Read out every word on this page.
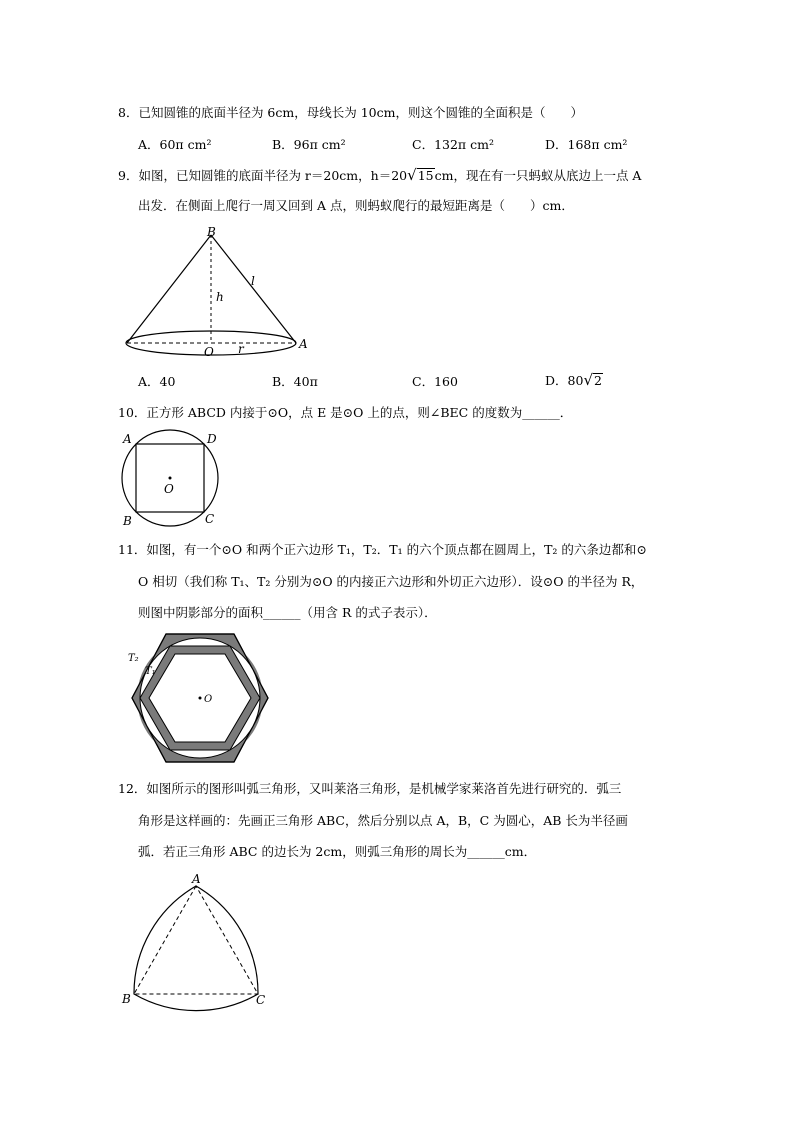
8．已知圆锥的底面半径为 6cm，母线长为 10cm，则这个圆锥的全面积是（　　）
A．60π cm²	B．96π cm²	C．132π cm²	D．168π cm²
9．如图，已知圆锥的底面半径为 r＝20cm，h＝20√15cm，现在有一只蚂蚁从底边上一点 A
出发．在侧面上爬行一周又回到 A 点，则蚂蚁爬行的最短距离是（　　）cm．
B
A
O
h
l
r
A．40	B．40π	C．160	D．80√2
10．正方形 ABCD 内接于⊙O，点 E 是⊙O 上的点，则∠BEC 的度数为______．
A	D
B	C
O
11．如图，有一个⊙O 和两个正六边形 T₁，T₂．T₁ 的六个顶点都在圆周上，T₂ 的六条边都和⊙
O 相切（我们称 T₁、T₂ 分别为⊙O 的内接正六边形和外切正六边形）．设⊙O 的半径为 R，
则图中阴影部分的面积______（用含 R 的式子表示）．
O
T₂
T₁
12．如图所示的图形叫弧三角形，又叫莱洛三角形，是机械学家莱洛首先进行研究的．弧三
角形是这样画的：先画正三角形 ABC，然后分别以点 A，B，C 为圆心，AB 长为半径画
弧．若正三角形 ABC 的边长为 2cm，则弧三角形的周长为______cm．
A
B	C
